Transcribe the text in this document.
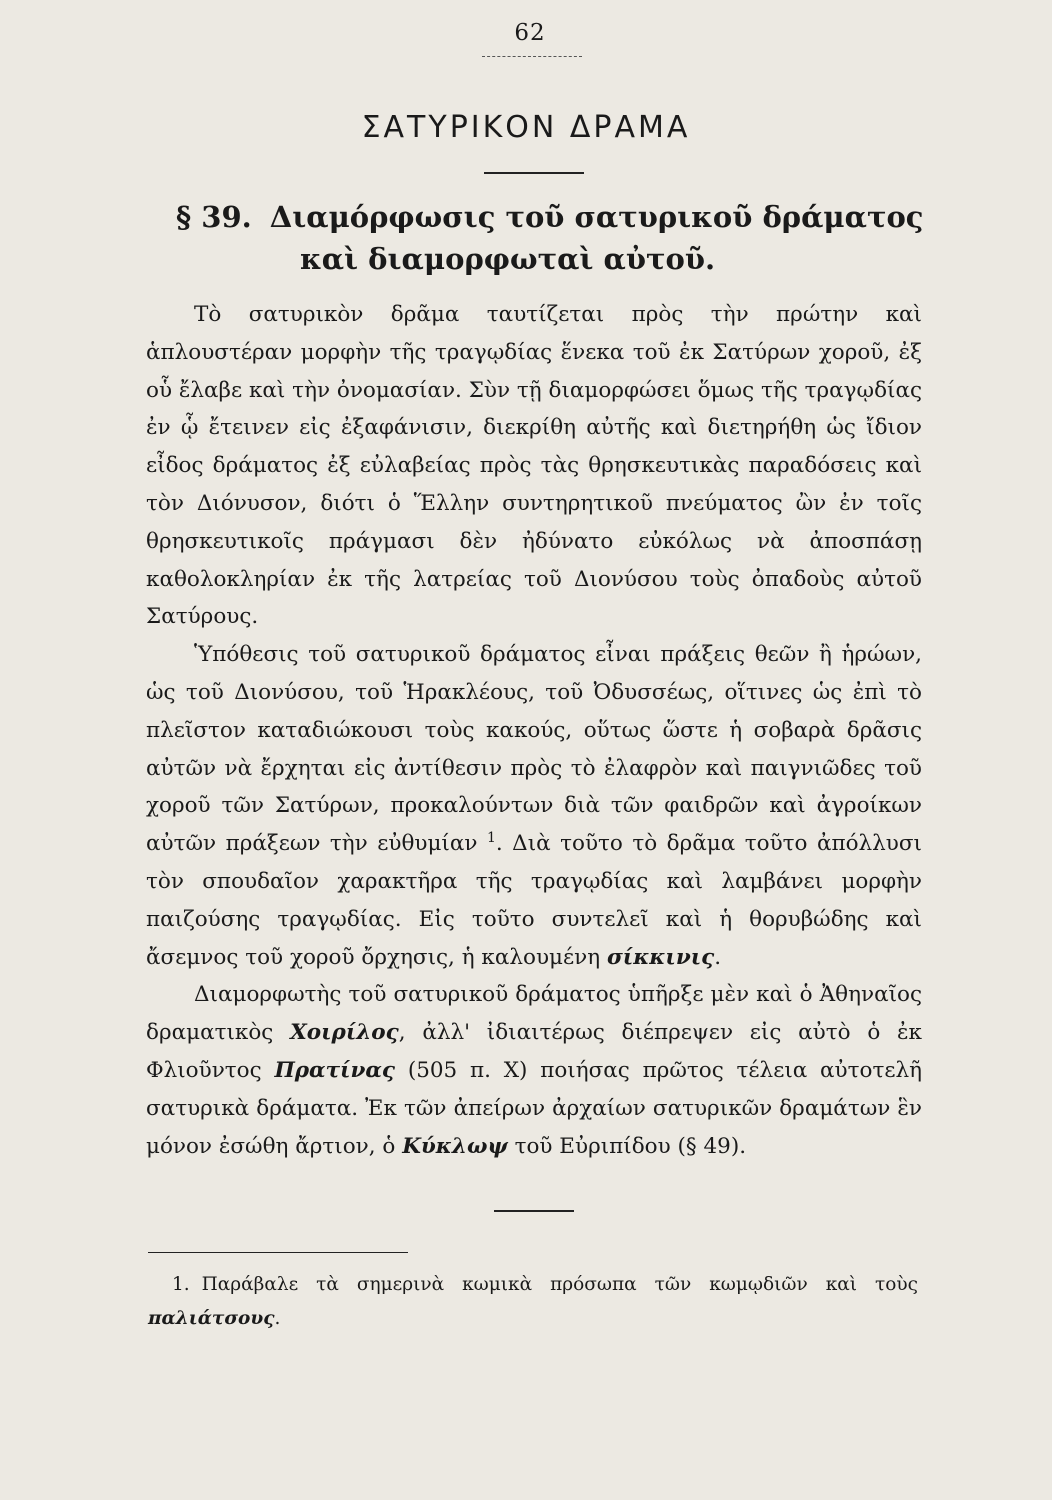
62
ΣΑΤΥΡΙΚΟΝ ΔΡΑΜΑ
§ 39. Διαμόρφωσις τοῦ σατυρικοῦ δράματος
καὶ διαμορφωταὶ αὐτοῦ.

Τὸ σατυρικὸν δρᾶμα ταυτίζεται πρὸς τὴν πρώτην καὶ ἁπλουστέραν μορφὴν τῆς τραγῳδίας ἕνεκα τοῦ ἐκ Σατύρων χοροῦ, ἐξ οὗ ἔλαβε καὶ τὴν ὀνομασίαν. Σὺν τῇ διαμορφώσει ὅμως τῆς τραγῳδίας ἐν ᾧ ἔτεινεν εἰς ἐξαφάνισιν, διεκρίθη αὐτῆς καὶ διετηρήθη ὡς ἴδιον εἶδος δράματος ἐξ εὐλαβείας πρὸς τὰς θρησκευτικὰς παραδόσεις καὶ τὸν Διόνυσον, διότι ὁ Ἕλλην συντηρητικοῦ πνεύματος ὢν ἐν τοῖς θρησκευτικοῖς πράγμασι δὲν ἠδύνατο εὐκόλως νὰ ἀποσπάσῃ καθολοκληρίαν ἐκ τῆς λατρείας τοῦ Διονύσου τοὺς ὀπαδοὺς αὐτοῦ Σατύρους.

Ὑπόθεσις τοῦ σατυρικοῦ δράματος εἶναι πράξεις θεῶν ἢ ἡρώων, ὡς τοῦ Διονύσου, τοῦ Ἡρακλέους, τοῦ Ὀδυσσέως, οἵτινες ὡς ἐπὶ τὸ πλεῖστον καταδιώκουσι τοὺς κακούς, οὕτως ὥστε ἡ σοβαρὰ δρᾶσις αὐτῶν νὰ ἔρχηται εἰς ἀντίθεσιν πρὸς τὸ ἐλαφρὸν καὶ παιγνιῶδες τοῦ χοροῦ τῶν Σατύρων, προκαλούντων διὰ τῶν φαιδρῶν καὶ ἀγροίκων αὐτῶν πράξεων τὴν εὐθυμίαν $^1$. Διὰ τοῦτο τὸ δρᾶμα τοῦτο ἀπόλλυσι τὸν σπουδαῖον χαρακτῆρα τῆς τραγῳδίας καὶ λαμβάνει μορφὴν παιζούσης τραγῳδίας. Εἰς τοῦτο συντελεῖ καὶ ἡ θορυβώδης καὶ ἄσεμνος τοῦ χοροῦ ὄρχησις, ἡ καλουμένη σίκκινις.

Διαμορφωτὴς τοῦ σατυρικοῦ δράματος ὑπῆρξε μὲν καὶ ὁ Ἀθηναῖος δραματικὸς Χοιρίλος, ἀλλ' ἰδιαιτέρως διέπρεψεν εἰς αὐτὸ ὁ ἐκ Φλιοῦντος Πρατίνας (505 π. Χ) ποιήσας πρῶτος τέλεια αὐτοτελῆ σατυρικὰ δράματα. Ἐκ τῶν ἀπείρων ἀρχαίων σατυρικῶν δραμάτων ἓν μόνον ἐσώθη ἄρτιον, ὁ Κύκλωψ τοῦ Εὐριπίδου (§ 49).

1. Παράβαλε τὰ σημερινὰ κωμικὰ πρόσωπα τῶν κωμῳδιῶν καὶ τοὺς παλιάτσους.
